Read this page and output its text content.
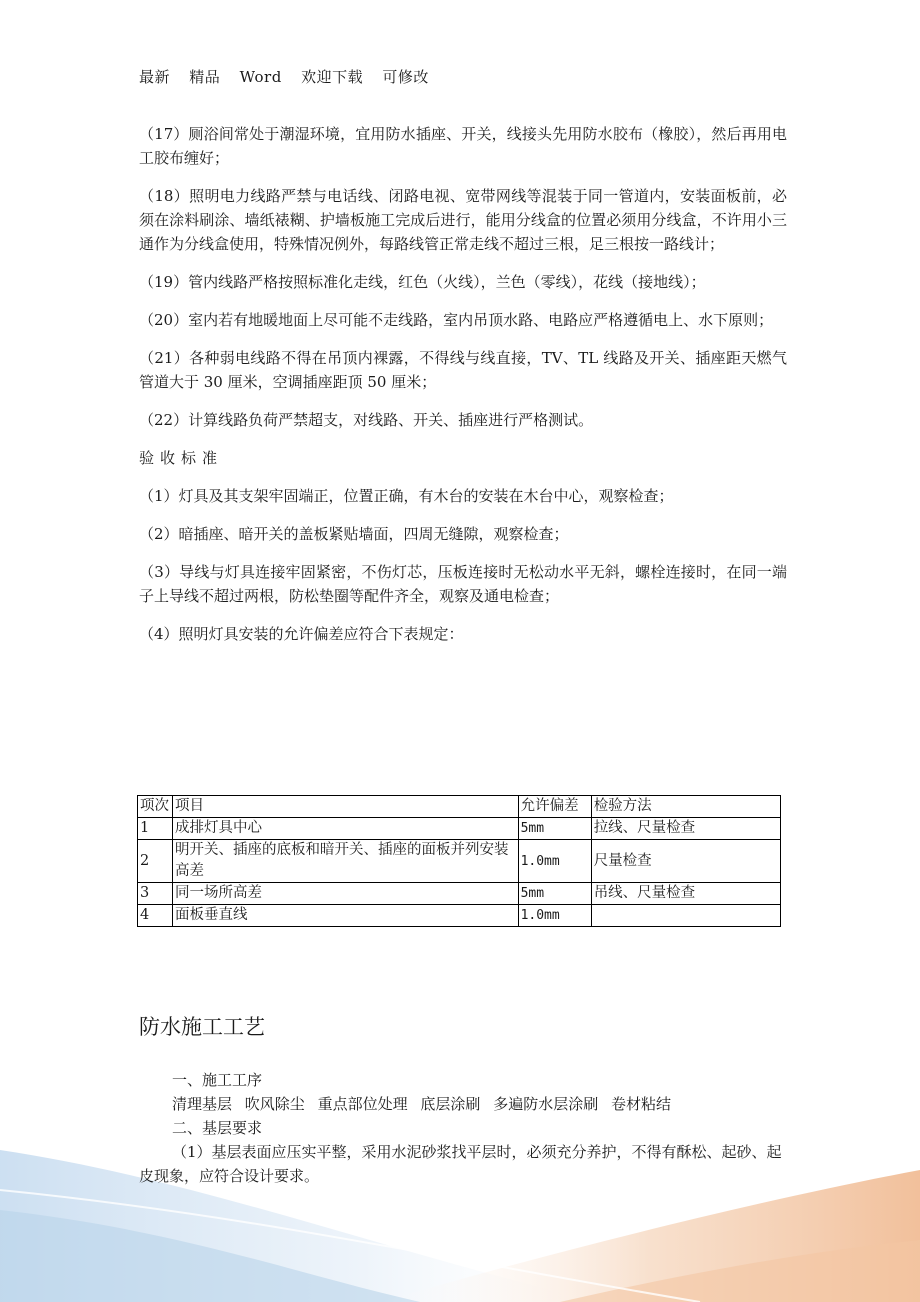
最新 精品 Word 欢迎下载 可修改

（17）厕浴间常处于潮湿环境，宜用防水插座、开关，线接头先用防水胶布（橡胶），然后再用电工胶布缠好；

（18）照明电力线路严禁与电话线、闭路电视、宽带网线等混装于同一管道内，安装面板前，必须在涂料刷涂、墙纸裱糊、护墙板施工完成后进行，能用分线盒的位置必须用分线盒，不许用小三通作为分线盒使用，特殊情况例外，每路线管正常走线不超过三根，足三根按一路线计；

（19）管内线路严格按照标准化走线，红色（火线），兰色（零线），花线（接地线）；

（20）室内若有地暖地面上尽可能不走线路，室内吊顶水路、电路应严格遵循电上、水下原则；

（21）各种弱电线路不得在吊顶内裸露，不得线与线直接，TV、TL 线路及开关、插座距天燃气管道大于 30 厘米，空调插座距顶 50 厘米；

（22）计算线路负荷严禁超支，对线路、开关、插座进行严格测试。

验收标准

（1）灯具及其支架牢固端正，位置正确，有木台的安装在木台中心，观察检查；

（2）暗插座、暗开关的盖板紧贴墙面，四周无缝隙，观察检查；

（3）导线与灯具连接牢固紧密，不伤灯芯，压板连接时无松动水平无斜，螺栓连接时，在同一端子上导线不超过两根，防松垫圈等配件齐全，观察及通电检查；

（4）照明灯具安装的允许偏差应符合下表规定：

项次	项目	允许偏差	检验方法
1	成排灯具中心	5mm	拉线、尺量检查
2	明开关、插座的底板和暗开关、插座的面板并列安装高差	1.0mm	尺量检查
3	同一场所高差	5mm	吊线、尺量检查
4	面板垂直线	1.0mm	
防水施工工艺
一、施工工序
清理基层 吹风除尘 重点部位处理 底层涂刷 多遍防水层涂刷 卷材粘结
二、基层要求
（1）基层表面应压实平整，采用水泥砂浆找平层时，必须充分养护，不得有酥松、起砂、起皮现象，应符合设计要求。
